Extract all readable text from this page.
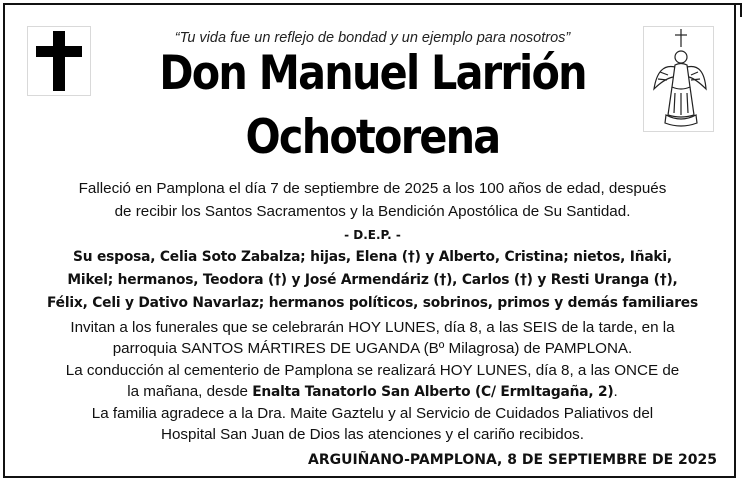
“Tu vida fue un reflejo de bondad y un ejemplo para nosotros”
Don Manuel Larrión
Ochotorena
Falleció en Pamplona el día 7 de septiembre de 2025 a los 100 años de edad, después
de recibir los Santos Sacramentos y la Bendición Apostólica de Su Santidad.
- D.E.P. -
Su esposa, Celia Soto Zabalza; hijas, Elena (†) y Alberto, Cristina; nietos, Iñaki,
Mikel; hermanos, Teodora (†) y José Armendáriz (†), Carlos (†) y Resti Uranga (†),
Félix, Celi y Dativo Navarlaz; hermanos políticos, sobrinos, primos y demás familiares
Invitan a los funerales que se celebrarán HOY LUNES, día 8, a las SEIS de la tarde, en la
parroquia SANTOS MÁRTIRES DE UGANDA (Bº Milagrosa) de PAMPLONA.
La conducción al cementerio de Pamplona se realizará HOY LUNES, día 8, a las ONCE de
la mañana, desde Enalta TanatorIo San Alberto (C/ ErmItagaña, 2).
La familia agradece a la Dra. Maite Gaztelu y al Servicio de Cuidados Paliativos del
Hospital San Juan de Dios las atenciones y el cariño recibidos.
ARGUIÑANO-PAMPLONA, 8 DE SEPTIEMBRE DE 2025
